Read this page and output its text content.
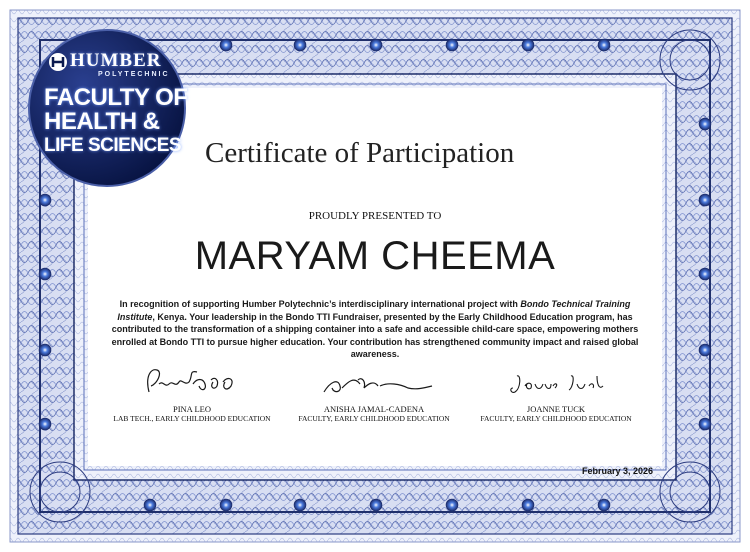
HUMBER
POLYTECHNIC
FACULTY OF
HEALTH &
LIFE SCIENCES Certificate of Participation
PROUDLY PRESENTED TO
MARYAM CHEEMA
In recognition of supporting Humber Polytechnic’s interdisciplinary international project with Bondo Technical Training Institute, Kenya. Your leadership in the Bondo TTI Fundraiser, presented by the Early Childhood Education program, has contributed to the transformation of a shipping container into a safe and accessible child-care space, empowering mothers enrolled at Bondo TTI to pursue higher education. Your contribution has strengthened community impact and raised global awareness.
PINA LEO
LAB TECH., EARLY CHILDHOOD EDUCATION
ANISHA JAMAL-CADENA
FACULTY, EARLY CHILDHOOD EDUCATION
JOANNE TUCK
FACULTY, EARLY CHILDHOOD EDUCATION
February 3, 2026
